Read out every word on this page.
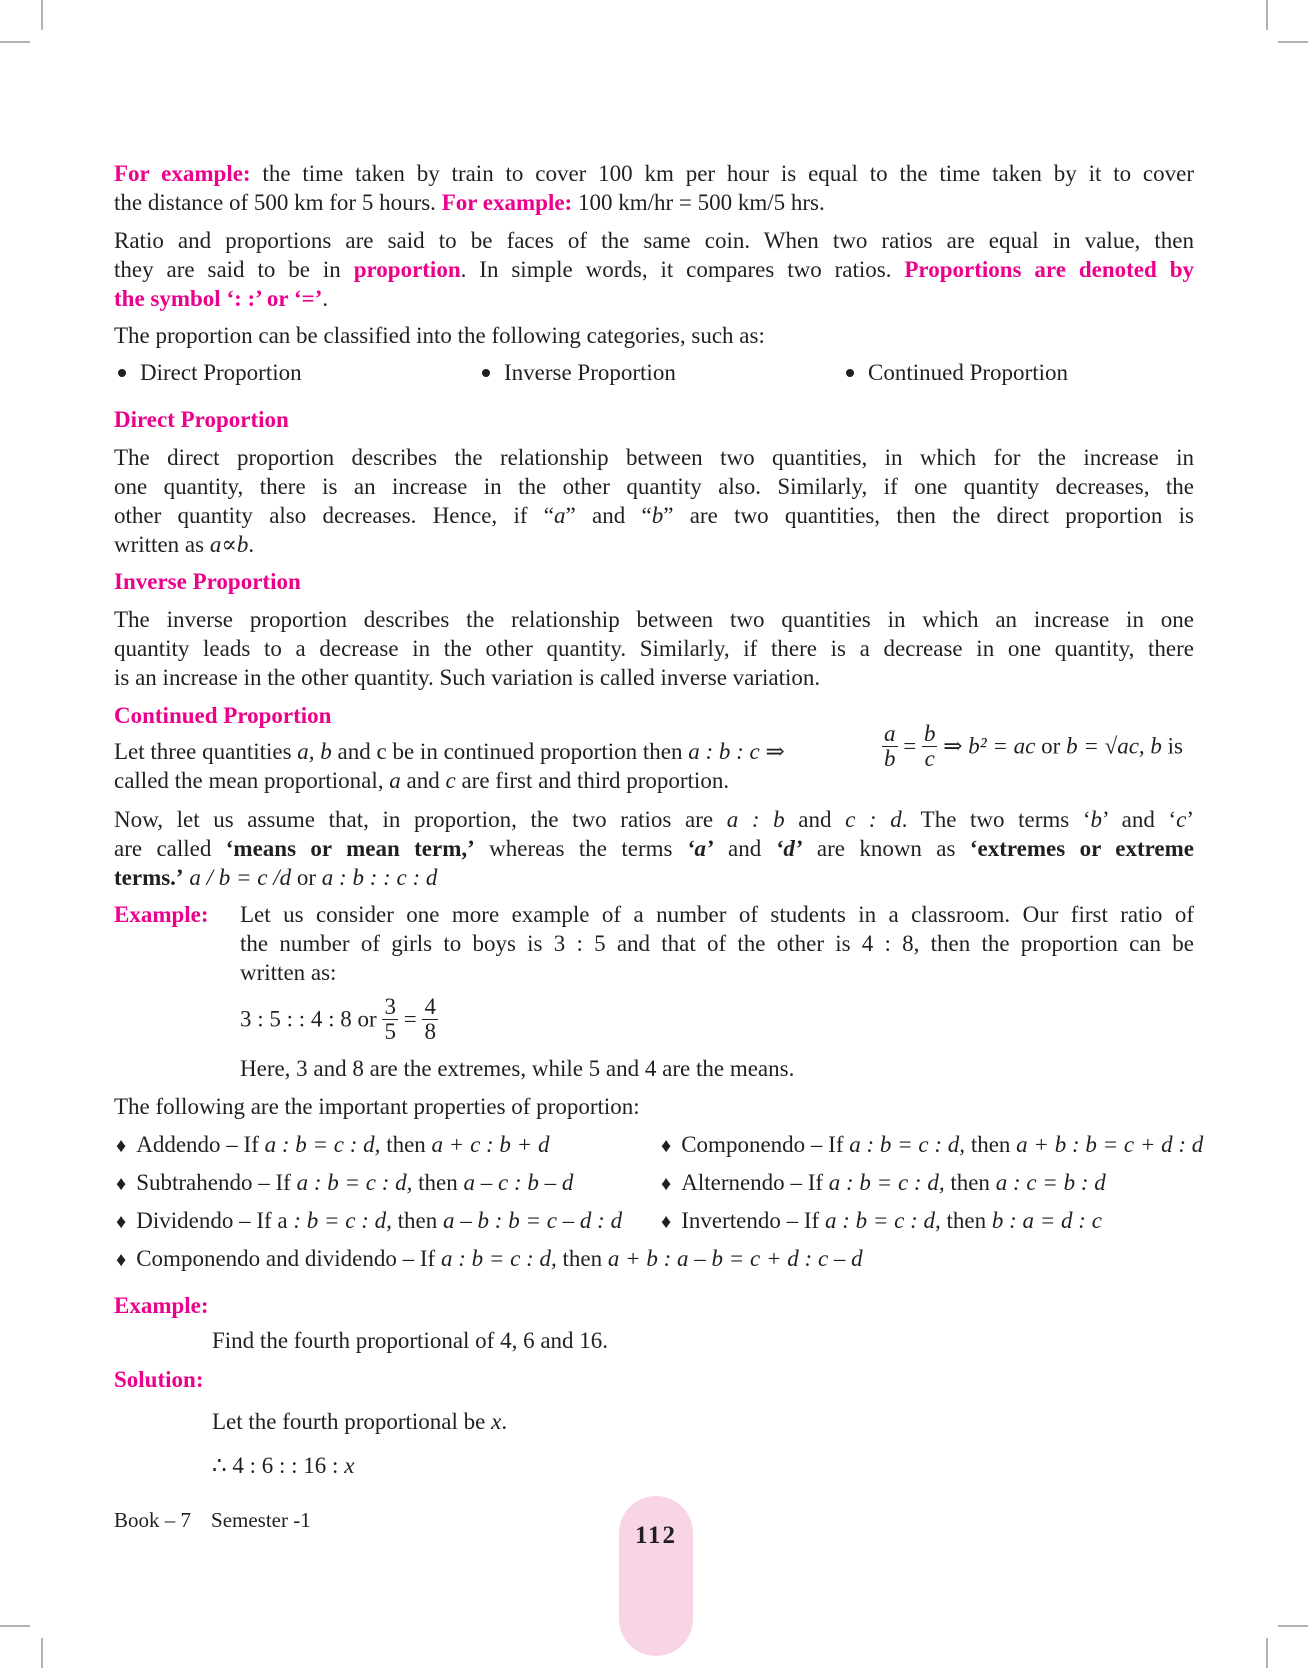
For example: the time taken by train to cover 100 km per hour is equal to the time taken by it to cover
the distance of 500 km for 5 hours. For example: 100 km/hr = 500 km/5 hrs.
Ratio and proportions are said to be faces of the same coin. When two ratios are equal in value, then
they are said to be in proportion. In simple words, it compares two ratios. Proportions are denoted by
the symbol ‘: :’ or ‘=’.
The proportion can be classified into the following categories, such as:
Direct Proportion	Inverse Proportion	Continued Proportion
Direct Proportion
The direct proportion describes the relationship between two quantities, in which for the increase in
one quantity, there is an increase in the other quantity also. Similarly, if one quantity decreases, the
other quantity also decreases. Hence, if “a” and “b” are two quantities, then the direct proportion is
written as a∝b.
Inverse Proportion
The inverse proportion describes the relationship between two quantities in which an increase in one
quantity leads to a decrease in the other quantity. Similarly, if there is a decrease in one quantity, there
is an increase in the other quantity. Such variation is called inverse variation.
Continued Proportion
Let three quantities a, b and c be in continued proportion then a : b : c ⇒	$\frac{a}{b} = \frac{b}{c}$ ⇒ b² = ac or b = √ac, b is
called the mean proportional, a and c are first and third proportion.
Now, let us assume that, in proportion, the two ratios are a : b and c : d. The two terms ‘b’ and ‘c’
are called ‘means or mean term,’ whereas the terms ‘a’ and ‘d’ are known as ‘extremes or extreme
terms.’ a / b = c /d or a : b : : c : d
Example: Let us consider one more example of a number of students in a classroom. Our first ratio of
the number of girls to boys is 3 : 5 and that of the other is 4 : 8, then the proportion can be
written as:
3 : 5 : : 4 : 8 or $\frac{3}{5} = \frac{4}{8}$
Here, 3 and 8 are the extremes, while 5 and 4 are the means.
The following are the important properties of proportion:
♦ Addendo – If a : b = c : d, then a + c : b + d	♦ Componendo – If a : b = c : d, then a + b : b = c + d : d
♦ Subtrahendo – If a : b = c : d, then a – c : b – d	♦ Alternendo – If a : b = c : d, then a : c = b : d
♦ Dividendo – If a : b = c : d, then a – b : b = c – d : d ♦ Invertendo – If a : b = c : d, then b : a = d : c
♦ Componendo and dividendo – If a : b = c : d, then a + b : a – b = c + d : c – d
Example:
Find the fourth proportional of 4, 6 and 16.
Solution:
Let the fourth proportional be x.
∴ 4 : 6 : : 16 : x
Book – 7 Semester -1
112
